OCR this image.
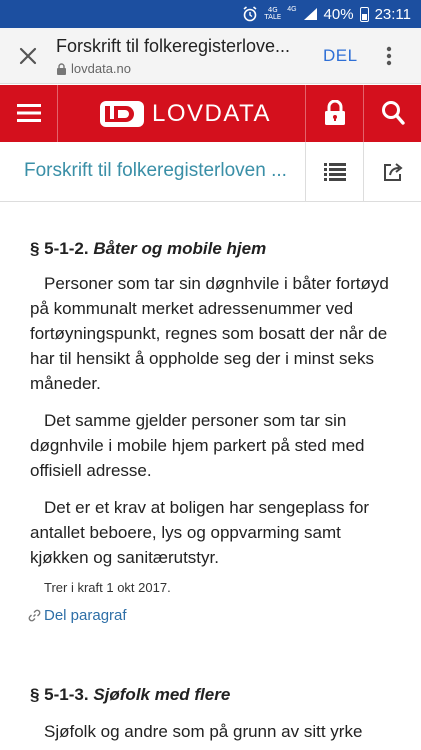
4G
TALE
4G 40% 23:11
Forskrift til folkeregisterlove...
lovdata.no
DEL
LOVDATA
Forskrift til folkeregisterloven ...
§ 5-1-2. Båter og mobile hjem

Personer som tar sin døgnhvile i båter fortøyd på kommunalt merket adressenummer ved fortøyningspunkt, regnes som bosatt der når de har til hensikt å oppholde seg der i minst seks måneder.

Det samme gjelder personer som tar sin døgnhvile i mobile hjem parkert på sted med offisiell adresse.

Det er et krav at boligen har sengeplass for antallet beboere, lys og oppvarming samt kjøkken og sanitærutstyr.

Trer i kraft 1 okt 2017.
Del paragraf
§ 5-1-3. Sjøfolk med flere

Sjøfolk og andre som på grunn av sitt yrke
